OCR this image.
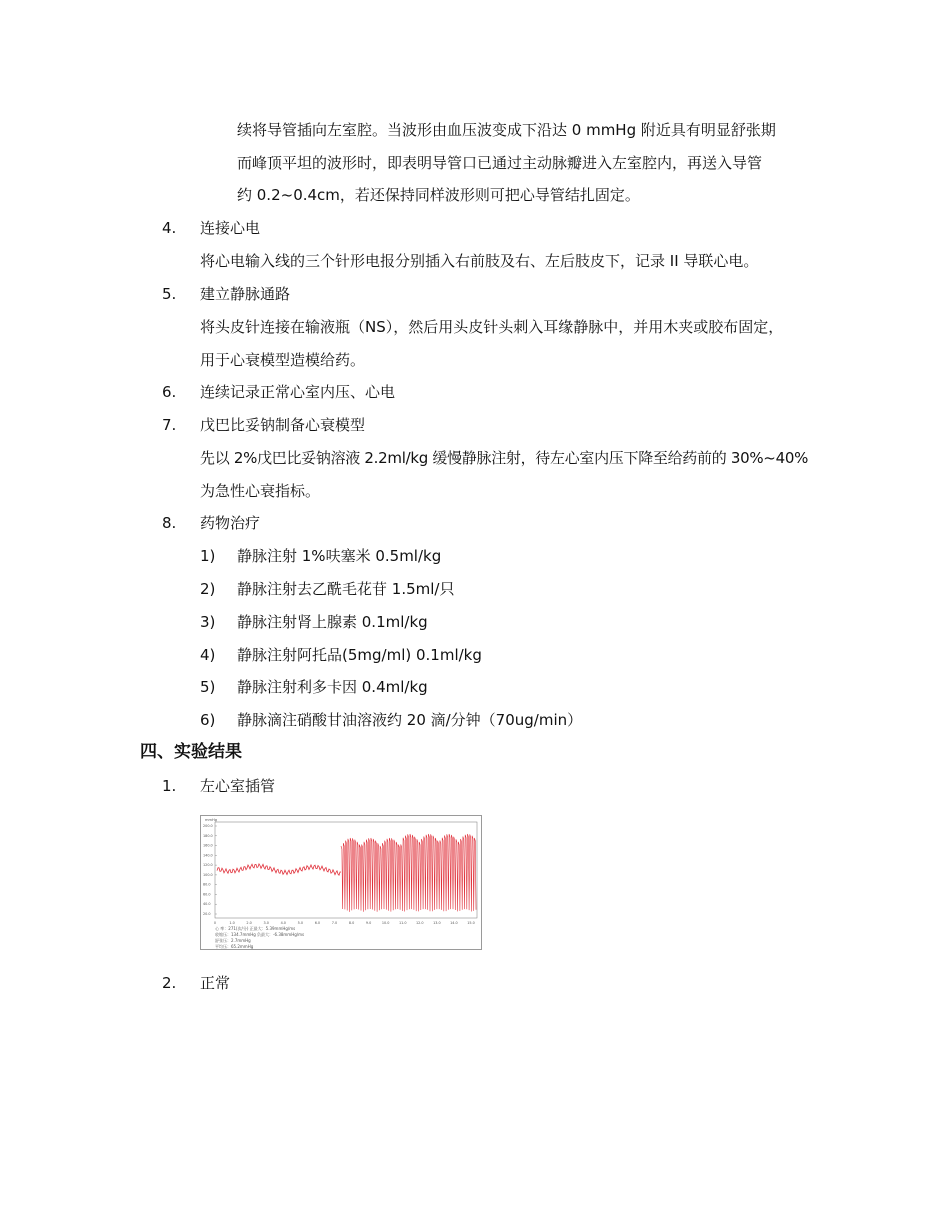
续将导管插向左室腔。当波形由血压波变成下沿达 0 mmHg 附近具有明显舒张期
而峰顶平坦的波形时，即表明导管口已通过主动脉瓣进入左室腔内，再送入导管
约 0.2~0.4cm，若还保持同样波形则可把心导管结扎固定。
4. 连接心电
将心电输入线的三个针形电报分别插入右前肢及右、左后肢皮下，记录 II 导联心电。
5. 建立静脉通路
将头皮针连接在输液瓶（NS），然后用头皮针头刺入耳缘静脉中，并用木夹或胶布固定，
用于心衰模型造模给药。
6. 连续记录正常心室内压、心电
7. 戊巴比妥钠制备心衰模型
先以 2%戊巴比妥钠溶液 2.2ml/kg 缓慢静脉注射，待左心室内压下降至给药前的 30%~40%
为急性心衰指标。
8. 药物治疗
1) 静脉注射 1%呋塞米 0.5ml/kg
2) 静脉注射去乙酰毛花苷 1.5ml/只
3) 静脉注射肾上腺素 0.1ml/kg
4) 静脉注射阿托品(5mg/ml) 0.1ml/kg
5) 静脉注射利多卡因 0.4ml/kg
6) 静脉滴注硝酸甘油溶液约 20 滴/分钟（70ug/min）
四、实验结果
1. 左心室插管
mmHg
200.0
180.0
160.0
140.0
120.0
100.0
80.0
60.0
40.0
20.0
0	1.0	2.0	3.0	4.0	5.0	6.0	7.0	8.0	9.0	10.0	11.0	12.0	13.0	14.0	15.0
心 率：271(次/分) 正最大：5.39mmHg/ms
收缩压：134.7mmHg 负最大：-6.38mmHg/ms
舒张压：2.7mmHg
平均压：65.2mmHg
2. 正常
